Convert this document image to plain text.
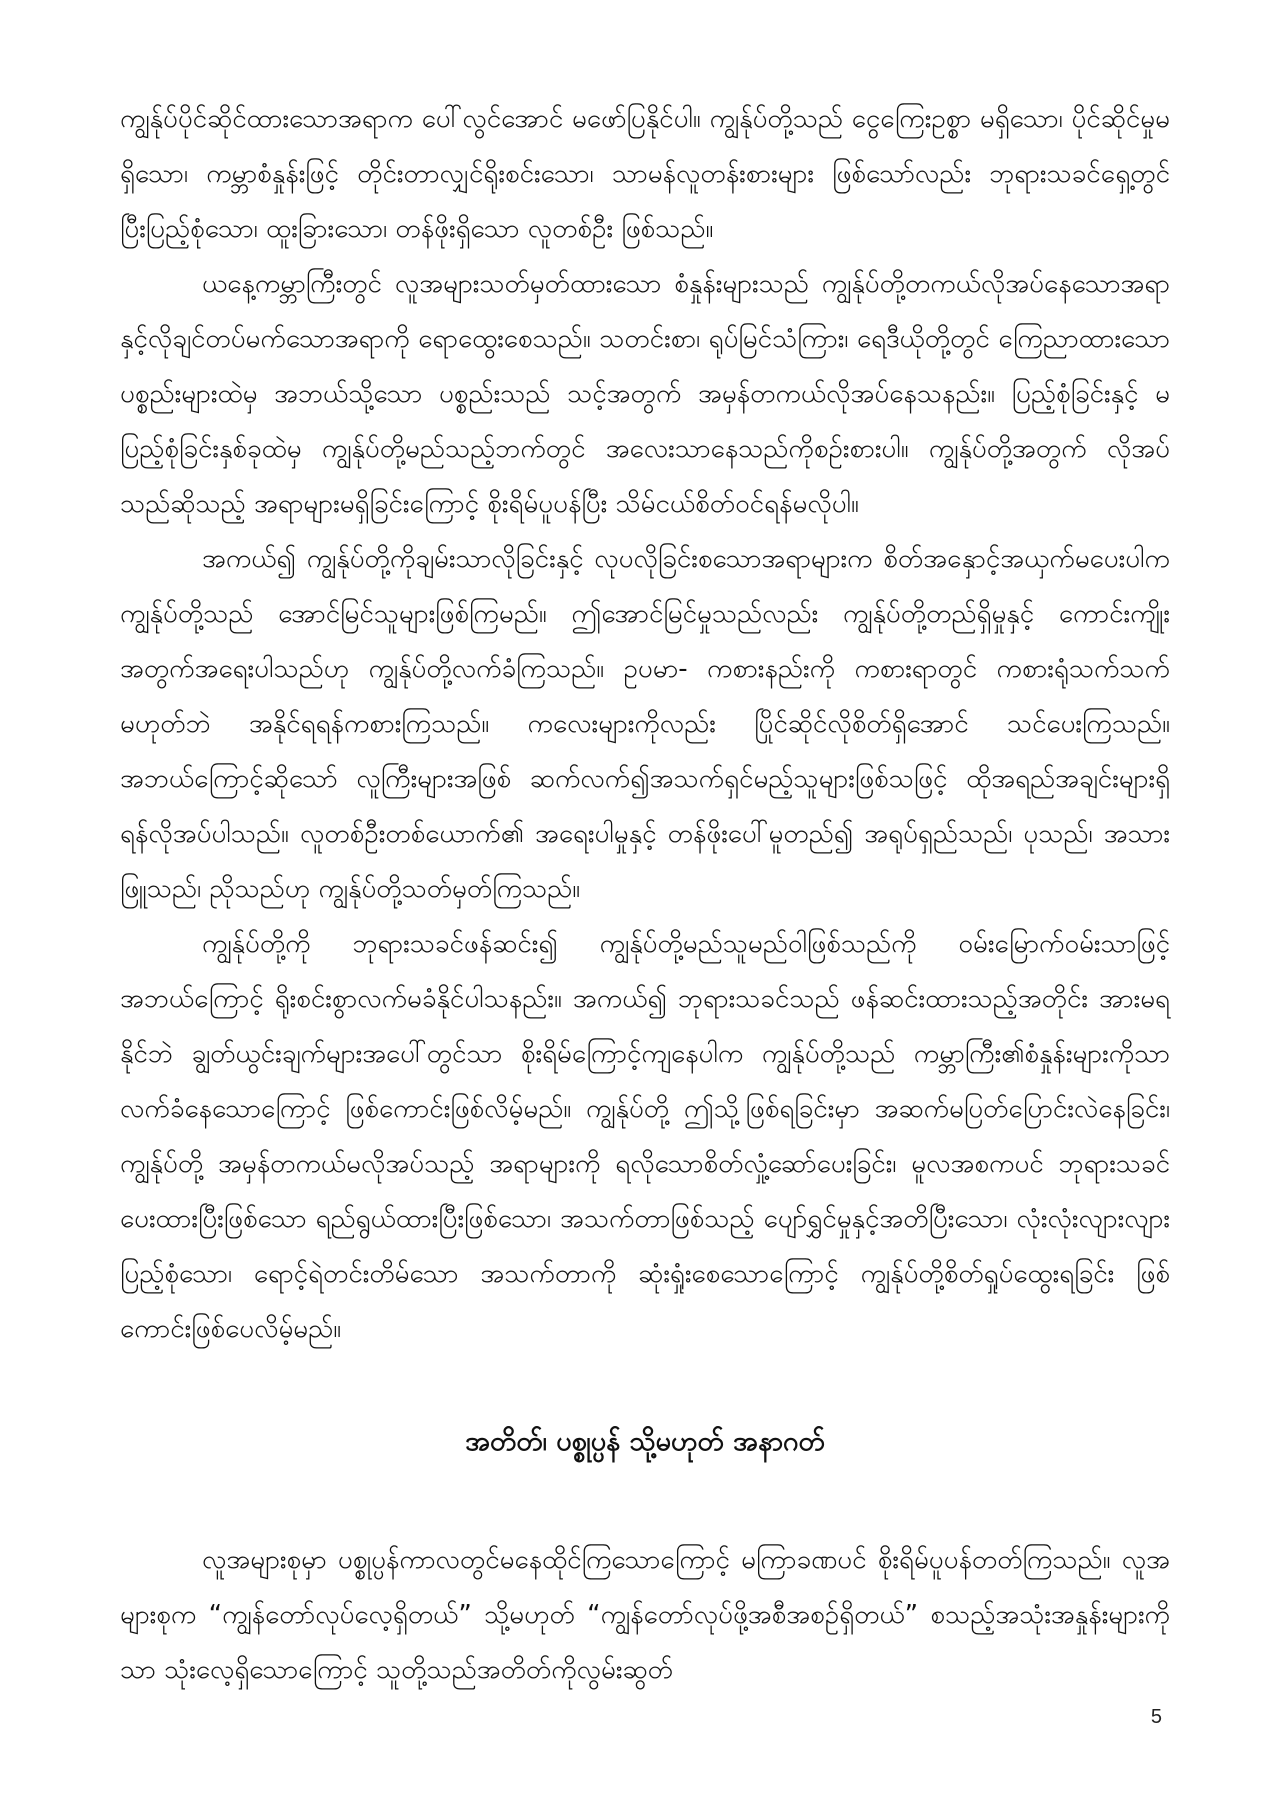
ကျွန်ုပ်ပိုင်ဆိုင်ထားသောအရာက ပေါ်လွင်အောင် မဖော်ပြနိုင်ပါ။ ကျွန်ုပ်တို့သည် ငွေကြေးဥစ္စာ မရှိသော၊ ပိုင်ဆိုင်မှုမရှိသော၊ ကမ္ဘာစံနှုန်းဖြင့် တိုင်းတာလျှင်ရိုးစင်းသော၊ သာမန်လူတန်းစားများ ဖြစ်သော်လည်း ဘုရားသခင်ရှေ့တွင် ပြီးပြည့်စုံသော၊ ထူးခြားသော၊ တန်ဖိုးရှိသော လူတစ်ဦး ဖြစ်သည်။

ယနေ့ကမ္ဘာကြီးတွင် လူအများသတ်မှတ်ထားသော စံနှုန်းများသည် ကျွန်ုပ်တို့တကယ်လိုအပ်နေသောအရာနှင့်လိုချင်တပ်မက်သောအရာကို ရောထွေးစေသည်။ သတင်းစာ၊ ရုပ်မြင်သံကြား၊ ရေဒီယိုတို့တွင် ကြေညာထားသော ပစ္စည်းများထဲမှ အဘယ်သို့သော ပစ္စည်းသည် သင့်အတွက် အမှန်တကယ်လိုအပ်နေသနည်း။ ပြည့်စုံခြင်းနှင့် မပြည့်စုံခြင်းနှစ်ခုထဲမှ ကျွန်ုပ်တို့မည်သည့်ဘက်တွင် အလေးသာနေသည်ကိုစဉ်းစားပါ။ ကျွန်ုပ်တို့အတွက် လိုအပ်သည်ဆိုသည့် အရာများမရှိခြင်းကြောင့် စိုးရိမ်ပူပန်ပြီး သိမ်ငယ်စိတ်ဝင်ရန်မလိုပါ။

အကယ်၍ ကျွန်ုပ်တို့ကိုချမ်းသာလိုခြင်းနှင့် လုပလိုခြင်းစသောအရာများက စိတ်အနှောင့်အယှက်မပေးပါက ကျွန်ုပ်တို့သည် အောင်မြင်သူများဖြစ်ကြမည်။ ဤအောင်မြင်မှုသည်လည်း ကျွန်ုပ်တို့တည်ရှိမှုနှင့် ကောင်းကျိုးအတွက်အရေးပါသည်ဟု ကျွန်ုပ်တို့လက်ခံကြသည်။ ဥပမာ- ကစားနည်းကို ကစားရာတွင် ကစားရုံသက်သက်မဟုတ်ဘဲ အနိုင်ရရန်ကစားကြသည်။ ကလေးများကိုလည်း ပြိုင်ဆိုင်လိုစိတ်ရှိအောင် သင်ပေးကြသည်။ အဘယ်ကြောင့်ဆိုသော် လူကြီးများအဖြစ် ဆက်လက်၍အသက်ရှင်မည့်သူများဖြစ်သဖြင့် ထိုအရည်အချင်းများရှိရန်လိုအပ်ပါသည်။ လူတစ်ဦးတစ်ယောက်၏ အရေးပါမှုနှင့် တန်ဖိုးပေါ်မူတည်၍ အရုပ်ရှည်သည်၊ ပုသည်၊ အသားဖြူသည်၊ ညိုသည်ဟု ကျွန်ုပ်တို့သတ်မှတ်ကြသည်။

ကျွန်ုပ်တို့ကို ဘုရားသခင်ဖန်ဆင်း၍ ကျွန်ုပ်တို့မည်သူမည်ဝါဖြစ်သည်ကို ဝမ်းမြောက်ဝမ်းသာဖြင့် အဘယ်ကြောင့် ရိုးစင်းစွာလက်မခံနိုင်ပါသနည်း။ အကယ်၍ ဘုရားသခင်သည် ဖန်ဆင်းထားသည့်အတိုင်း အားမရနိုင်ဘဲ ချွတ်ယွင်းချက်များအပေါ်တွင်သာ စိုးရိမ်ကြောင့်ကျနေပါက ကျွန်ုပ်တို့သည် ကမ္ဘာကြီး၏စံနှုန်းများကိုသာ လက်ခံနေသောကြောင့် ဖြစ်ကောင်းဖြစ်လိမ့်မည်။ ကျွန်ုပ်တို့ ဤသို့ဖြစ်ရခြင်းမှာ အဆက်မပြတ်ပြောင်းလဲနေခြင်း၊ ကျွန်ုပ်တို့ အမှန်တကယ်မလိုအပ်သည့် အရာများကို ရလိုသောစိတ်လှုံ့ဆော်ပေးခြင်း၊ မူလအစကပင် ဘုရားသခင်ပေးထားပြီးဖြစ်သော ရည်ရွယ်ထားပြီးဖြစ်သော၊ အသက်တာဖြစ်သည့် ပျော်ရွှင်မှုနှင့်အတိပြီးသော၊ လုံးလုံးလျားလျား ပြည့်စုံသော၊ ရောင့်ရဲတင်းတိမ်သော အသက်တာကို ဆုံးရှုံးစေသောကြောင့် ကျွန်ုပ်တို့စိတ်ရှုပ်ထွေးရခြင်း ဖြစ်ကောင်းဖြစ်ပေလိမ့်မည်။

အတိတ်၊ ပစ္စုပ္ပန် သို့မဟုတ် အနာဂတ်

လူအများစုမှာ ပစ္စုပ္ပန်ကာလတွင်မနေထိုင်ကြသောကြောင့် မကြာခဏပင် စိုးရိမ်ပူပန်တတ်ကြသည်။ လူအများစုက “ကျွန်တော်လုပ်လေ့ရှိတယ်” သို့မဟုတ် “ကျွန်တော်လုပ်ဖို့အစီအစဉ်ရှိတယ်” စသည့်အသုံးအနှုန်းများကိုသာ သုံးလေ့ရှိသောကြောင့် သူတို့သည်အတိတ်ကိုလွမ်းဆွတ်

5
